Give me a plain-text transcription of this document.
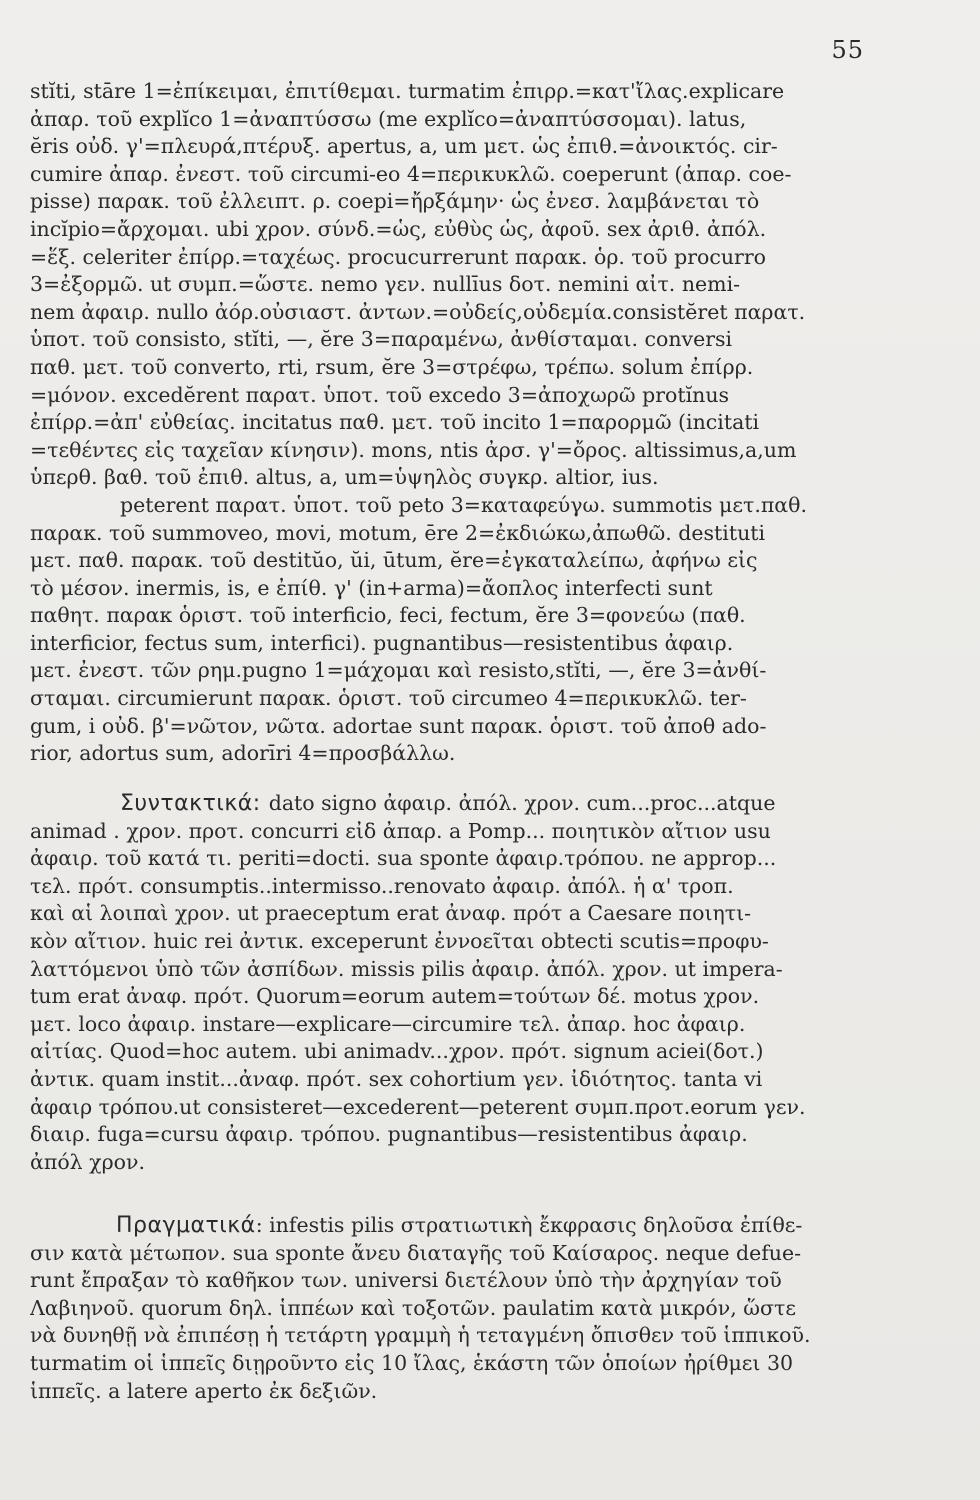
55
stĭti, stāre 1=ἐπίκειμαι, ἐπιτίθεμαι. turmatim ἐπιρρ.=κατ'ἴλας.explicare
ἀπαρ. τοῦ explĭco 1=ἀναπτύσσω (me explĭco=ἀναπτύσσομαι). latus,
ĕris οὐδ. γ'=πλευρά,πτέρυξ. apertus, a, um μετ. ὡς ἐπιθ.=ἀνοικτός. cir-
cumire ἀπαρ. ἐνεστ. τοῦ circumi-eo 4=περικυκλῶ. coeperunt (ἀπαρ. coe-
pisse) παρακ. τοῦ ἐλλειπτ. ρ. coepi=ἤρξάμην· ὡς ἐνεσ. λαμβάνεται τὸ
incĭpio=ἄρχομαι. ubi χρον. σύνδ.=ὡς, εὐθὺς ὡς, ἀφοῦ. sex ἀριθ. ἀπόλ.
=ἕξ. celeriter ἐπίρρ.=ταχέως. procucurrerunt παρακ. ὁρ. τοῦ procurro
3=ἐξορμῶ. ut συμπ.=ὥστε. nemo γεν. nullīus δοτ. nemini αἰτ. nemi-
nem ἀφαιρ. nullo ἀόρ.οὐσιαστ. ἀντων.=οὐδείς,οὐδεμία.consistĕret παρατ.
ὑποτ. τοῦ consisto, stĭti, —, ĕre 3=παραμένω, ἀνθίσταμαι. conversi
παθ. μετ. τοῦ converto, rti, rsum, ĕre 3=στρέφω, τρέπω. solum ἐπίρρ.
=μόνον. excedĕrent παρατ. ὑποτ. τοῦ excedo 3=ἀποχωρῶ protĭnus
ἐπίρρ.=ἀπ' εὐθείας. incitatus παθ. μετ. τοῦ incito 1=παρορμῶ (incitati
=τεθέντες εἰς ταχεῖαν κίνησιν). mons, ntis ἀρσ. γ'=ὄρος. altissimus,a,um
ὑπερθ. βαθ. τοῦ ἐπιθ. altus, a, um=ὑψηλὸς συγκρ. altior, ius.
peterent παρατ. ὑποτ. τοῦ peto 3=καταφεύγω. summotis μετ.παθ.
παρακ. τοῦ summoveo, movi, motum, ēre 2=ἐκδιώκω,ἀπωθῶ. destituti
μετ. παθ. παρακ. τοῦ destitŭo, ŭi, ūtum, ĕre=ἐγκαταλείπω, ἀφήνω εἰς
τὸ μέσον. inermis, is, e ἐπίθ. γ' (in+arma)=ἄοπλος interfecti sunt
παθητ. παρακ ὁριστ. τοῦ interficio, feci, fectum, ĕre 3=φονεύω (παθ.
interficior, fectus sum, interfici). pugnantibus—resistentibus ἀφαιρ.
μετ. ἐνεστ. τῶν ρημ.pugno 1=μάχομαι καὶ resisto,stĭti, —, ĕre 3=ἀνθί-
σταμαι. circumierunt παρακ. ὁριστ. τοῦ circumeo 4=περικυκλῶ. ter-
gum, i οὐδ. β'=νῶτον, νῶτα. adortae sunt παρακ. ὁριστ. τοῦ ἀποθ ado-
rior, adortus sum, adorīri 4=προσβάλλω.
Συντακτικά: dato signo ἀφαιρ. ἀπόλ. χρον. cum...proc...atque
animad . χρον. προτ. concurri εἰδ ἀπαρ. a Pomp... ποιητικὸν αἴτιον usu
ἀφαιρ. τοῦ κατά τι. periti=docti. sua sponte ἀφαιρ.τρόπου. ne approp...
τελ. πρότ. consumptis..intermisso..renovato ἀφαιρ. ἀπόλ. ἡ α' τροπ.
καὶ αἱ λοιπαὶ χρον. ut praeceptum erat ἀναφ. πρότ a Caesare ποιητι-
κὸν αἴτιον. huic rei ἀντικ. exceperunt ἐννοεῖται obtecti scutis=προφυ-
λαττόμενοι ὑπὸ τῶν ἀσπίδων. missis pilis ἀφαιρ. ἀπόλ. χρον. ut impera-
tum erat ἀναφ. πρότ. Quorum=eorum autem=τούτων δέ. motus χρον.
μετ. loco ἀφαιρ. instare—explicare—circumire τελ. ἀπαρ. hoc ἀφαιρ.
αἰτίας. Quod=hoc autem. ubi animadv...χρον. πρότ. signum aciei(δοτ.)
ἀντικ. quam instit...ἀναφ. πρότ. sex cohortium γεν. ἰδιότητος. tanta vi
ἀφαιρ τρόπου.ut consisteret—excederent—peterent συμπ.προτ.eorum γεν.
διαιρ. fuga=cursu ἀφαιρ. τρόπου. pugnantibus—resistentibus ἀφαιρ.
ἀπόλ χρον.
Πραγματικά: infestis pilis στρατιωτικὴ ἔκφρασις δηλοῦσα ἐπίθε-
σιν κατὰ μέτωπον. sua sponte ἄνευ διαταγῆς τοῦ Καίσαρος. neque defue-
runt ἔπραξαν τὸ καθῆκον των. universi διετέλουν ὑπὸ τὴν ἀρχηγίαν τοῦ
Λαβιηνοῦ. quorum δηλ. ἱππέων καὶ τοξοτῶν. paulatim κατὰ μικρόν, ὥστε
νὰ δυνηθῇ νὰ ἐπιπέσῃ ἡ τετάρτη γραμμὴ ἡ τεταγμένη ὄπισθεν τοῦ ἱππικοῦ.
turmatim οἱ ἱππεῖς διῃροῦντο εἰς 10 ἴλας, ἑκάστη τῶν ὁποίων ἠρίθμει 30
ἱππεῖς. a latere aperto ἐκ δεξιῶν.
